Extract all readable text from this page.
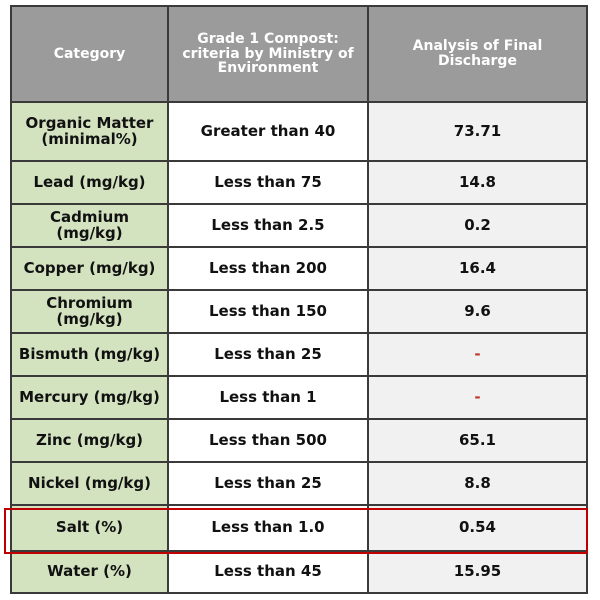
Category	Grade 1 Compost: criteria by Ministry of Environment	Analysis of Final Discharge
Organic Matter (minimal%)	Greater than 40	73.71
Lead (mg/kg)	Less than 75	14.8
Cadmium (mg/kg)	Less than 2.5	0.2
Copper (mg/kg)	Less than 200	16.4
Chromium (mg/kg)	Less than 150	9.6
Bismuth (mg/kg)	Less than 25	-
Mercury (mg/kg)	Less than 1	-
Zinc (mg/kg)	Less than 500	65.1
Nickel (mg/kg)	Less than 25	8.8
Salt (%)	Less than 1.0	0.54
Water (%)	Less than 45	15.95
